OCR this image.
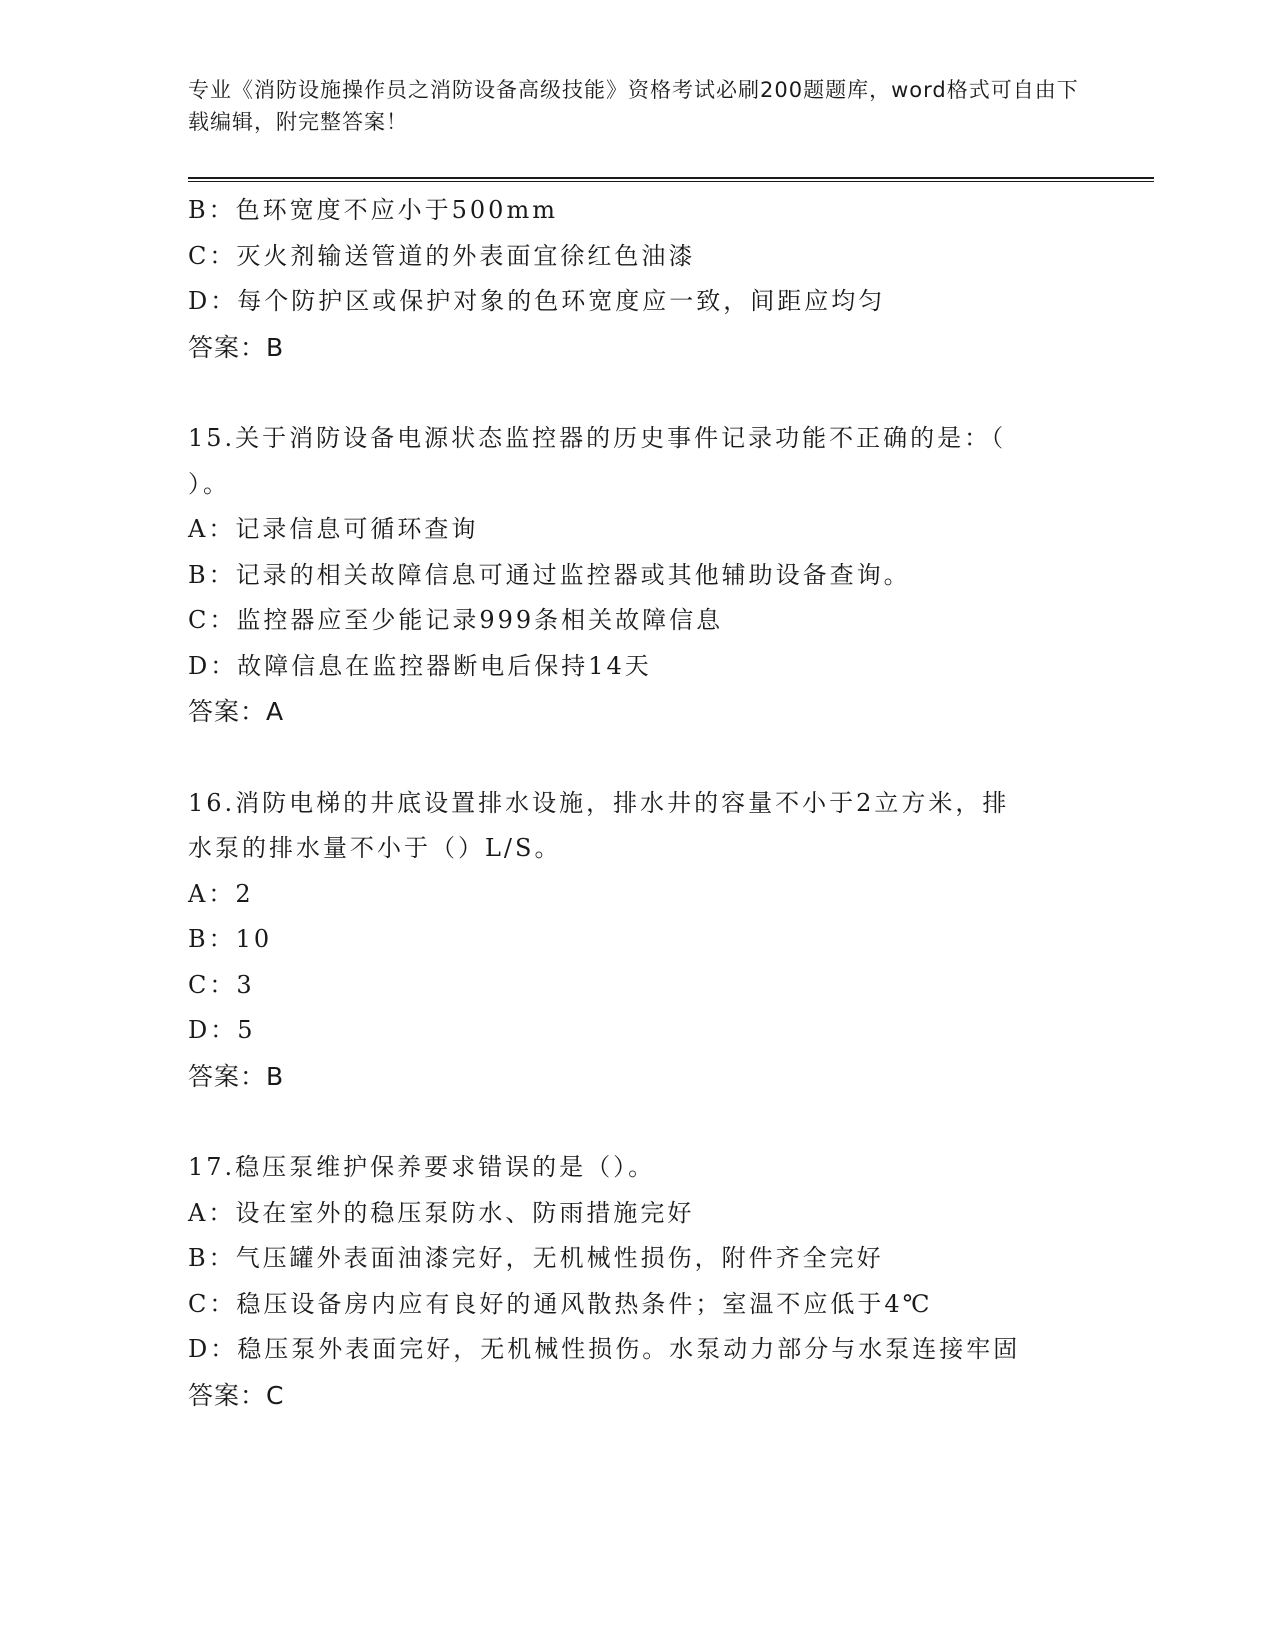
专业《消防设施操作员之消防设备高级技能》资格考试必刷200题题库，word格式可自由下载编辑，附完整答案！
B：色环宽度不应小于500mm
C：灭火剂输送管道的外表面宜徐红色油漆
D：每个防护区或保护对象的色环宽度应一致，间距应均匀
答案：B
15.关于消防设备电源状态监控器的历史事件记录功能不正确的是：（
）。
A：记录信息可循环查询
B：记录的相关故障信息可通过监控器或其他辅助设备查询。
C：监控器应至少能记录999条相关故障信息
D：故障信息在监控器断电后保持14天
答案：A
16.消防电梯的井底设置排水设施，排水井的容量不小于2立方米，排
水泵的排水量不小于（）L/S。
A：2
B：10
C：3
D：5
答案：B
17.稳压泵维护保养要求错误的是（）。
A：设在室外的稳压泵防水、防雨措施完好
B：气压罐外表面油漆完好，无机械性损伤，附件齐全完好
C：稳压设备房内应有良好的通风散热条件；室温不应低于4℃
D：稳压泵外表面完好，无机械性损伤。水泵动力部分与水泵连接牢固
答案：C
